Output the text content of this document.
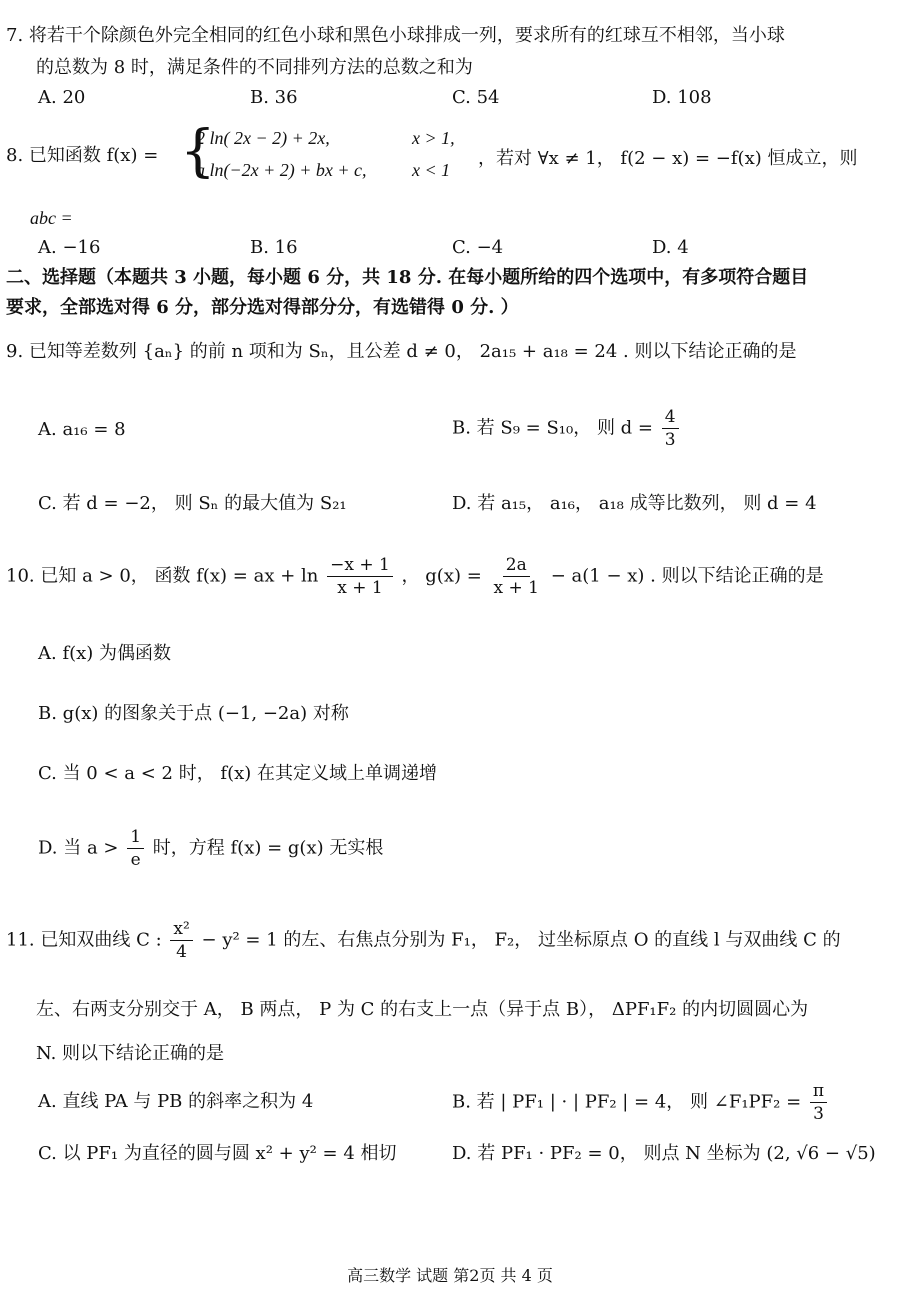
7. 将若干个除颜色外完全相同的红色小球和黑色小球排成一列，要求所有的红球互不相邻，当小球
的总数为 8 时，满足条件的不同排列方法的总数之和为
A. 20	B. 36	C. 54	D. 108
8. 已知函数 f(x) = {
2 ln( 2x − 2) + 2x,	x > 1,
a ln(−2x + 2) + bx + c,	x < 1
，若对 ∀x ≠ 1， f(2 − x) = −f(x) 恒成立，则
abc =
A. −16	B. 16	C. −4	D. 4
二、选择题（本题共 3 小题，每小题 6 分，共 18 分. 在每小题所给的四个选项中，有多项符合题目
要求，全部选对得 6 分，部分选对得部分分，有选错得 0 分. ）
9. 已知等差数列 {aₙ} 的前 n 项和为 Sₙ，且公差 d ≠ 0， 2a₁₅ + a₁₈ = 24 . 则以下结论正确的是
A. a₁₆ = 8	B. 若 S₉ = S₁₀， 则 $d = \frac{4}{3}$
C. 若 d = −2， 则 Sₙ 的最大值为 S₂₁	D. 若 a₁₅， a₁₆， a₁₈ 成等比数列， 则 d = 4
10. 已知 a > 0， 函数 f(x) = ax + $\ln \frac{-x + 1}{x + 1}$ ， $g(x) = \frac{2a}{x + 1} - a(1 - x)$ . 则以下结论正确的是
A. f(x) 为偶函数
B. g(x) 的图象关于点 (−1, −2a) 对称
C. 当 0 < a < 2 时， f(x) 在其定义域上单调递增
D. 当 $a > \frac{1}{e}$ 时，方程 f(x) = g(x) 无实根
11. 已知双曲线 C : $\frac{\text{x²}}{4} - y^2 = 1$ 的左、右焦点分别为 F₁， F₂， 过坐标原点 O 的直线 l 与双曲线 C 的
左、右两支分别交于 A， B 两点， P 为 C 的右支上一点（异于点 B）， ΔPF₁F₂ 的内切圆圆心为
N. 则以下结论正确的是
A. 直线 PA 与 PB 的斜率之积为 4	B. 若 | PF₁ | · | PF₂ | = 4， 则 ∠F₁PF₂ = $\frac{\pi}{3}$
C. 以 PF₁ 为直径的圆与圆 x² + y² = 4 相切	D. 若 PF₁ · PF₂ = 0， 则点 N 坐标为 (2, √6 − √5)
高三数学 试题 第2页 共 4 页
